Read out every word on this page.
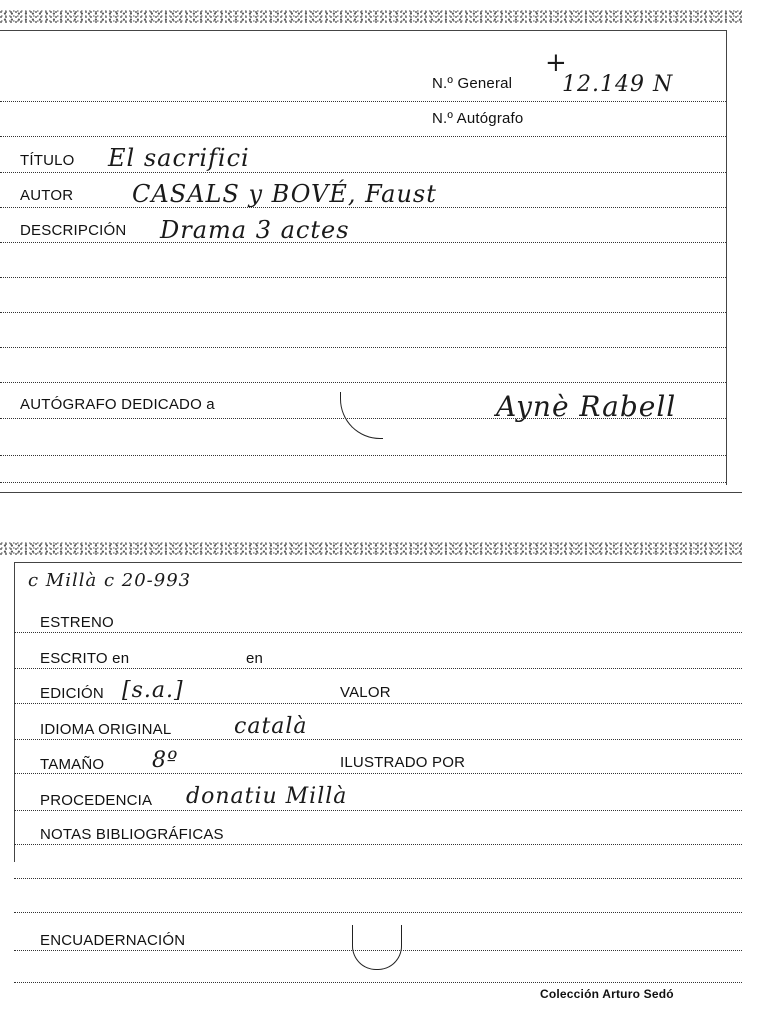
+
N.º General 12.149 N
N.º Autógrafo
TÍTULO El sacrifici
AUTOR CASALS y BOVÉ, Faust
DESCRIPCIÓN Drama 3 actes
AUTÓGRAFO DEDICADO a	Aynè Rabell
c Millà c 20-993
ESTRENO
ESCRITO en	en
EDICIÓN [s.a.]	VALOR
IDIOMA ORIGINAL	català
TAMAÑO 8º	ILUSTRADO POR
PROCEDENCIA donatiu Millà
NOTAS BIBLIOGRÁFICAS
ENCUADERNACIÓN
Colección Arturo Sedó
